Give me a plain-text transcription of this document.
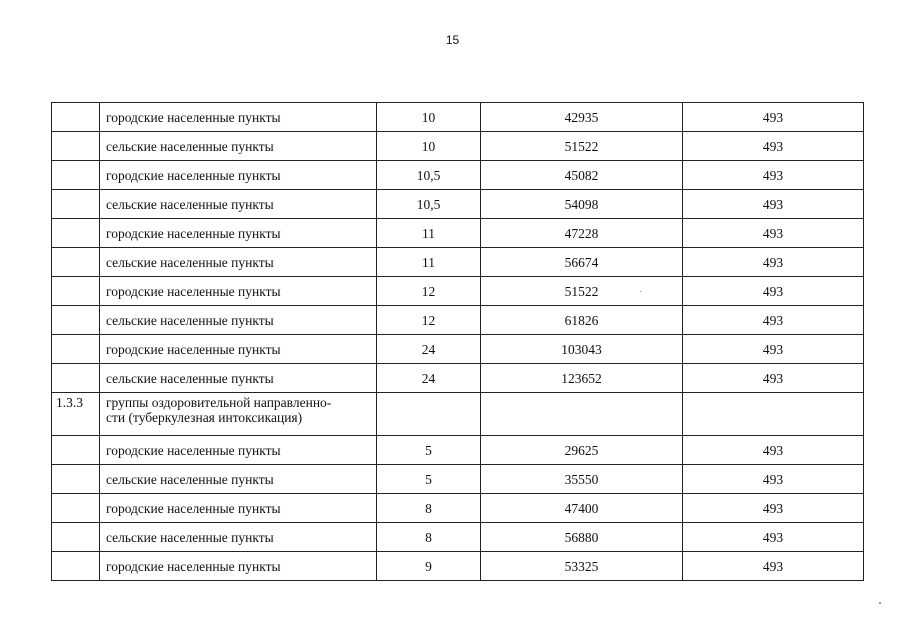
15
	городские населенные пункты	10	42935	493
	сельские населенные пункты	10	51522	493
	городские населенные пункты	10,5	45082	493
	сельские населенные пункты	10,5	54098	493
	городские населенные пункты	11	47228	493
	сельские населенные пункты	11	56674	493
	городские населенные пункты	12	51522	493
	сельские населенные пункты	12	61826	493
	городские населенные пункты	24	103043	493
	сельские населенные пункты	24	123652	493
1.3.3	группы оздоровительной направленно-
сти (туберкулезная интоксикация)			

	городские населенные пункты	5	29625	493
	сельские населенные пункты	5	35550	493
	городские населенные пункты	8	47400	493
	сельские населенные пункты	8	56880	493
	городские населенные пункты	9	53325	493
